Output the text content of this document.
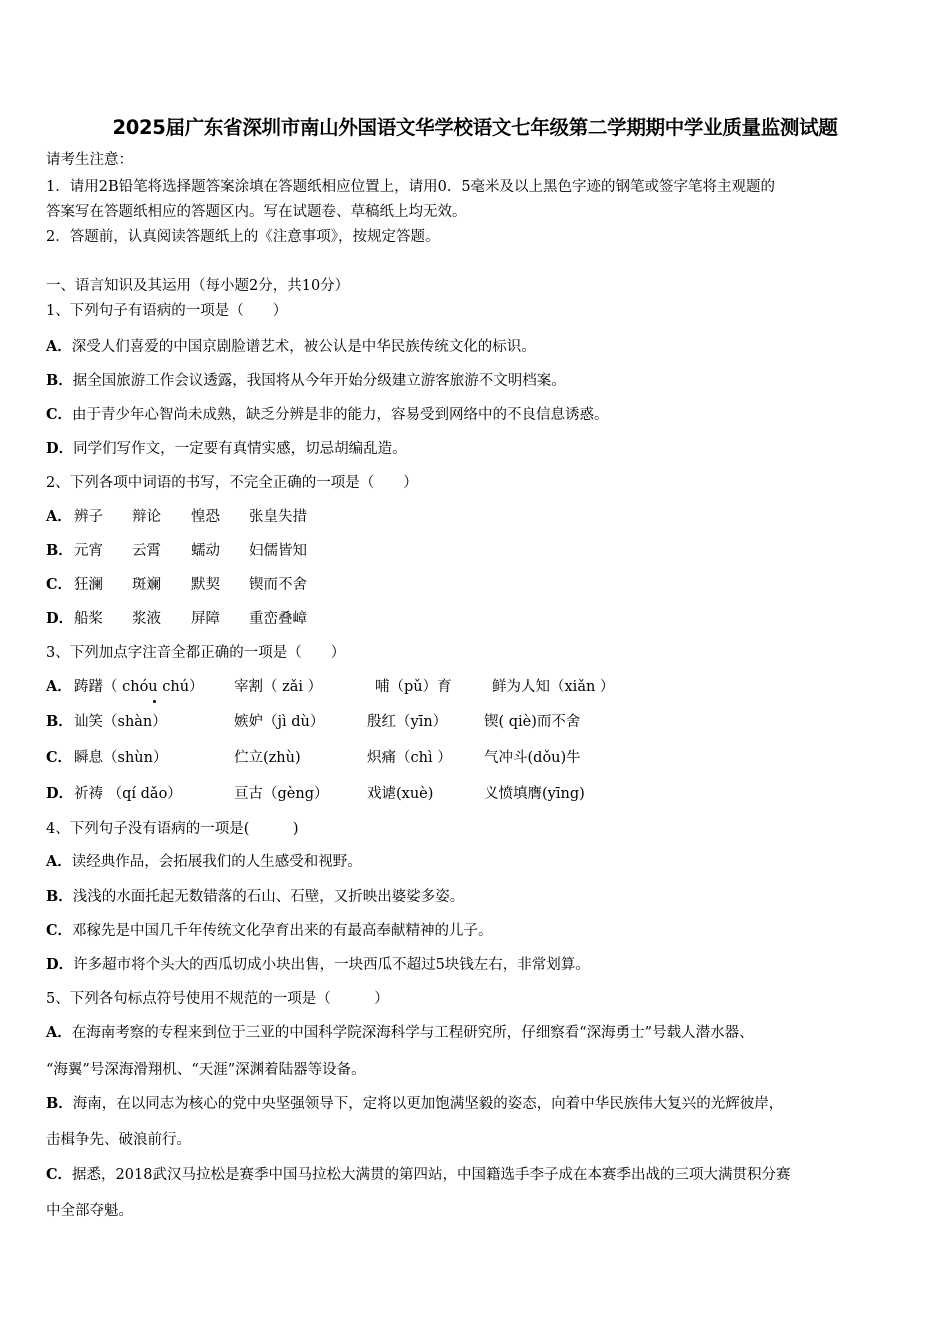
2025届广东省深圳市南山外国语文华学校语文七年级第二学期期中学业质量监测试题
请考生注意：
1．请用2B铅笔将选择题答案涂填在答题纸相应位置上，请用0．5毫米及以上黑色字迹的钢笔或签字笔将主观题的
答案写在答题纸相应的答题区内。写在试题卷、草稿纸上均无效。
2．答题前，认真阅读答题纸上的《注意事项》，按规定答题。
一、语言知识及其运用（每小题2分，共10分）
1、下列句子有语病的一项是（　　）
A．深受人们喜爱的中国京剧脸谱艺术，被公认是中华民族传统文化的标识。
B．据全国旅游工作会议透露，我国将从今年开始分级建立游客旅游不文明档案。
C．由于青少年心智尚未成熟，缺乏分辨是非的能力，容易受到网络中的不良信息诱惑。
D．同学们写作文，一定要有真情实感，切忌胡编乱造。
2、下列各项中词语的书写，不完全正确的一项是（　　）
A． 辨子 辩论 惶恐 张皇失措
B．元宵 云霄 蠕动 妇儒皆知
C． 狂澜 斑斓 默契 锲而不舍
D．船桨 浆液 屏障 重峦叠嶂
3、下列加点字注音全都正确的一项是（　　）
A． 踌躇（ chóu chú） 宰割（ zǎi ）	哺（pǔ）育	鲜为人知（xiǎn ）
B．讪笑（shàn）	嫉妒（jì dù）	殷红（yīn）	锲( qiè)而不舍
C． 瞬息（shùn）	伫立(zhù)	炽痛（chì ） 气冲斗(dǒu)牛
D．祈祷 （qí dǎo）	亘古（gèng）	戏谑(xuè)	义愤填膺(yīng)
4、下列句子没有语病的一项是(　　　)
A．读经典作品，会拓展我们的人生感受和视野。
B．浅浅的水面托起无数错落的石山、石壁，又折映出婆娑多姿。
C．邓稼先是中国几千年传统文化孕育出来的有最高奉献精神的儿子。
D．许多超市将个头大的西瓜切成小块出售，一块西瓜不超过5块钱左右，非常划算。
5、下列各句标点符号使用不规范的一项是（　　　）
A．在海南考察的专程来到位于三亚的中国科学院深海科学与工程研究所，仔细察看“深海勇士”号载人潜水器、
“海翼”号深海滑翔机、“天涯”深渊着陆器等设备。
B．海南，在以同志为核心的党中央坚强领导下，定将以更加饱满坚毅的姿态，向着中华民族伟大复兴的光辉彼岸，
击楫争先、破浪前行。
C．据悉，2018武汉马拉松是赛季中国马拉松大满贯的第四站，中国籍选手李子成在本赛季出战的三项大满贯积分赛
中全部夺魁。
